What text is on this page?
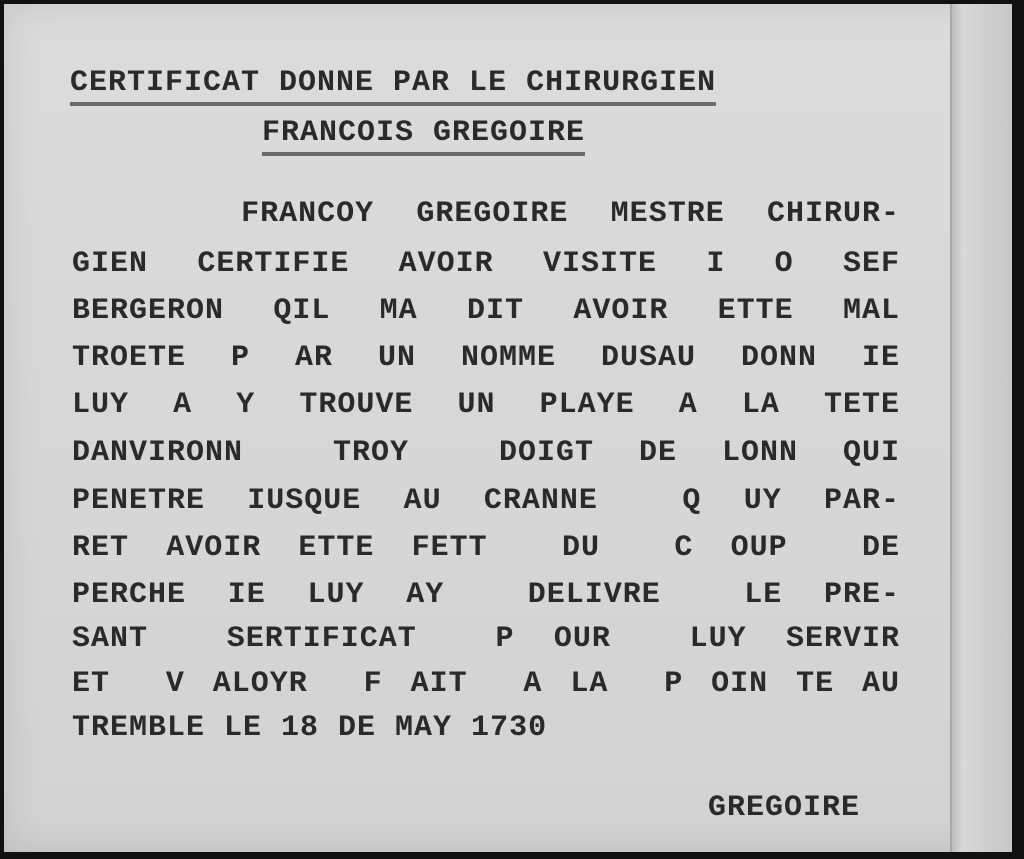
CERTIFICAT DONNE PAR LE CHIRURGIEN
FRANCOIS GREGOIRE
FRANCOY GREGOIRE MESTRE CHIRUR-
GIEN CERTIFIE AVOIR VISITE I O SEF
BERGERON QIL MA DIT AVOIR ETTE MAL
TROETE P AR UN NOMME DUSAU DONN IE
LUY A Y TROUVE UN PLAYE A LA TETE
DANVIRONN  TROY  DOIGT DE LONN QUI
PENETRE IUSQUE AU CRANNE  Q UY PAR-
RET AVOIR ETTE FETT  DU  C OUP  DE
PERCHE IE LUY AY  DELIVRE  LE PRE-
SANT  SERTIFICAT  P OUR  LUY SERVIR
ET  V ALOYR  F AIT  A LA  P OIN TE AU
TREMBLE LE 18 DE MAY 1730
GREGOIRE
